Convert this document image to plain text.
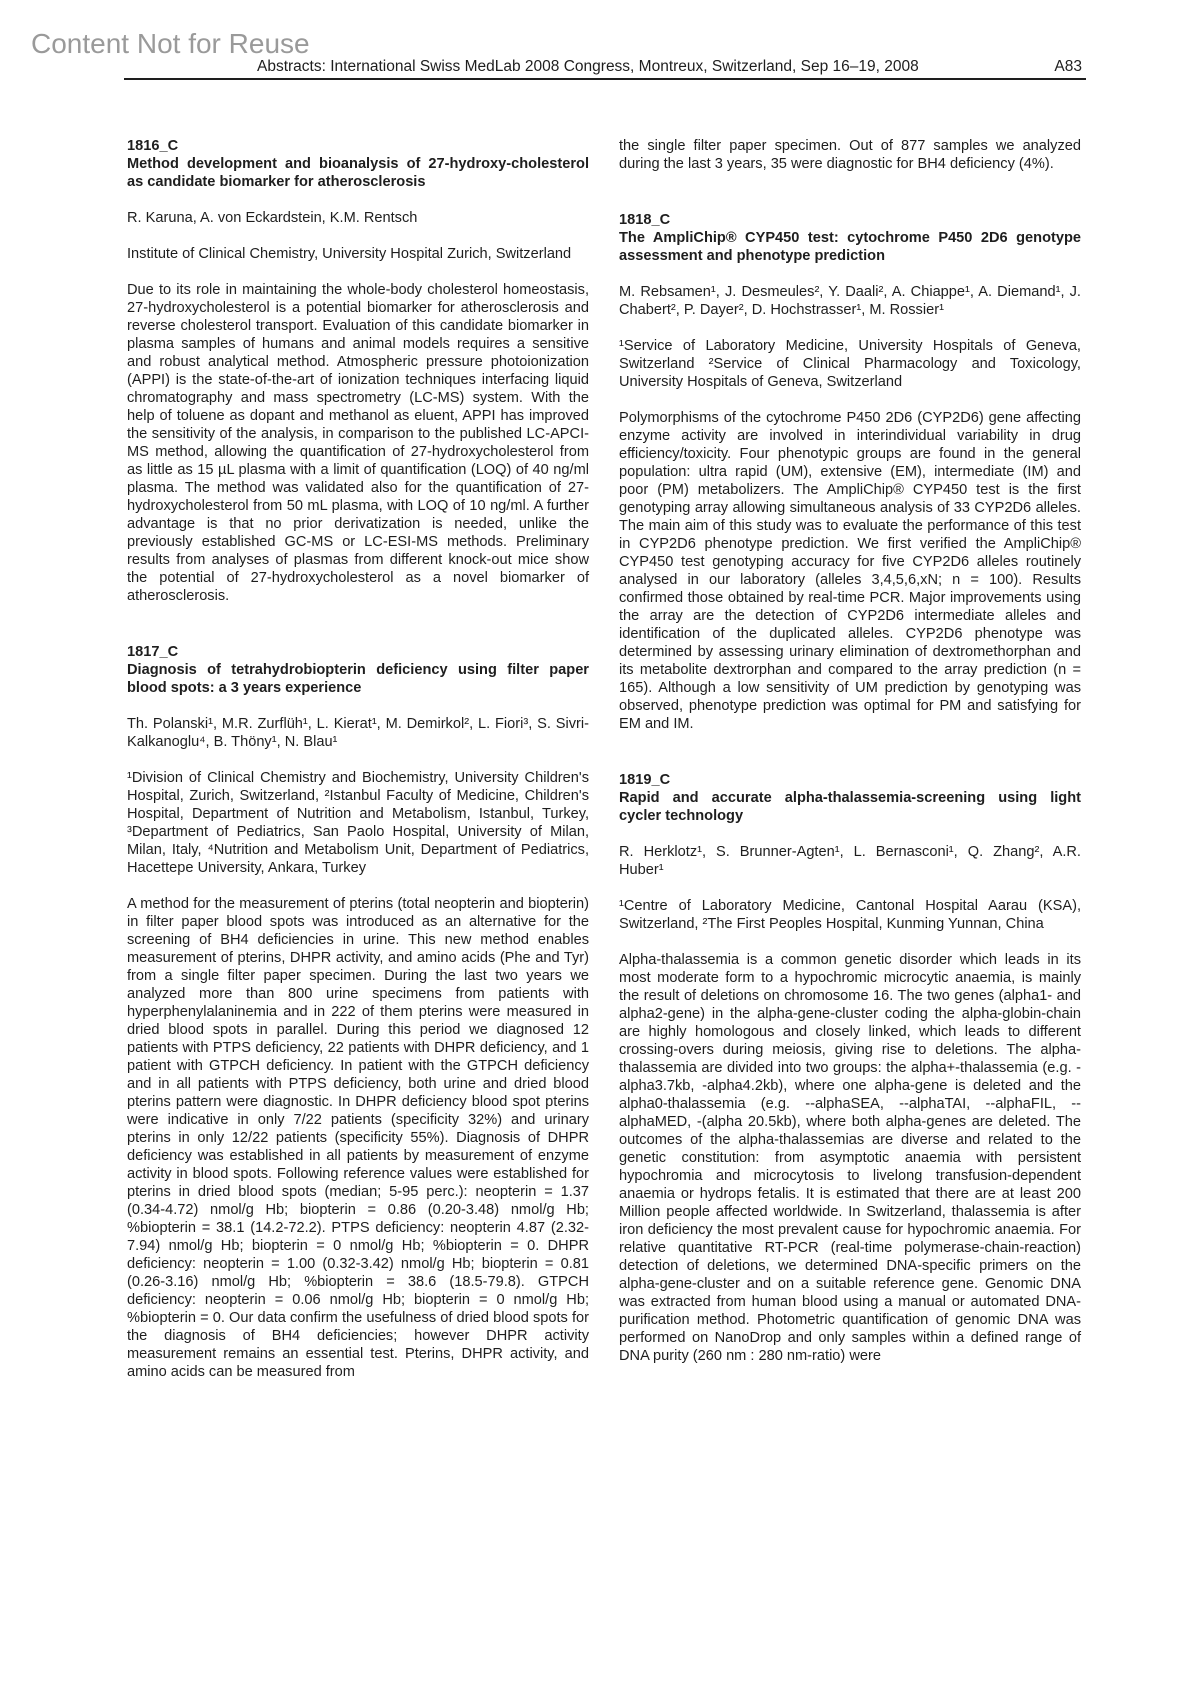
Content Not for Reuse
Abstracts: International Swiss MedLab 2008 Congress, Montreux, Switzerland, Sep 16–19, 2008	A83
1816_C

Method development and bioanalysis of 27-hydroxy-cholesterol as candidate biomarker for atherosclerosis

R. Karuna, A. von Eckardstein, K.M. Rentsch

Institute of Clinical Chemistry, University Hospital Zurich, Switzerland

Due to its role in maintaining the whole-body cholesterol homeostasis, 27-hydroxycholesterol is a potential biomarker for atherosclerosis and reverse cholesterol transport. Evaluation of this candidate biomarker in plasma samples of humans and animal models requires a sensitive and robust analytical method. Atmospheric pressure photoionization (APPI) is the state-of-the-art of ionization techniques interfacing liquid chromatography and mass spectrometry (LC-MS) system. With the help of toluene as dopant and methanol as eluent, APPI has improved the sensitivity of the analysis, in comparison to the published LC-APCI-MS method, allowing the quantification of 27-hydroxycholesterol from as little as 15 µL plasma with a limit of quantification (LOQ) of 40 ng/ml plasma. The method was validated also for the quantification of 27-hydroxycholesterol from 50 mL plasma, with LOQ of 10 ng/ml. A further advantage is that no prior derivatization is needed, unlike the previously established GC-MS or LC-ESI-MS methods. Preliminary results from analyses of plasmas from different knock-out mice show the potential of 27-hydroxycholesterol as a novel biomarker of atherosclerosis.

1817_C

Diagnosis of tetrahydrobiopterin deficiency using filter paper blood spots: a 3 years experience

Th. Polanski¹, M.R. Zurflüh¹, L. Kierat¹, M. Demirkol², L. Fiori³, S. Sivri-Kalkanoglu⁴, B. Thöny¹, N. Blau¹

¹Division of Clinical Chemistry and Biochemistry, University Children's Hospital, Zurich, Switzerland, ²Istanbul Faculty of Medicine, Children's Hospital, Department of Nutrition and Metabolism, Istanbul, Turkey, ³Department of Pediatrics, San Paolo Hospital, University of Milan, Milan, Italy, ⁴Nutrition and Metabolism Unit, Department of Pediatrics, Hacettepe University, Ankara, Turkey

A method for the measurement of pterins (total neopterin and biopterin) in filter paper blood spots was introduced as an alternative for the screening of BH4 deficiencies in urine. This new method enables measurement of pterins, DHPR activity, and amino acids (Phe and Tyr) from a single filter paper specimen. During the last two years we analyzed more than 800 urine specimens from patients with hyperphenylalaninemia and in 222 of them pterins were measured in dried blood spots in parallel. During this period we diagnosed 12 patients with PTPS deficiency, 22 patients with DHPR deficiency, and 1 patient with GTPCH deficiency. In patient with the GTPCH deficiency and in all patients with PTPS deficiency, both urine and dried blood pterins pattern were diagnostic. In DHPR deficiency blood spot pterins were indicative in only 7/22 patients (specificity 32%) and urinary pterins in only 12/22 patients (specificity 55%). Diagnosis of DHPR deficiency was established in all patients by measurement of enzyme activity in blood spots. Following reference values were established for pterins in dried blood spots (median; 5-95 perc.): neopterin = 1.37 (0.34-4.72) nmol/g Hb; biopterin = 0.86 (0.20-3.48) nmol/g Hb; %biopterin = 38.1 (14.2-72.2). PTPS deficiency: neopterin 4.87 (2.32-7.94) nmol/g Hb; biopterin = 0 nmol/g Hb; %biopterin = 0. DHPR deficiency: neopterin = 1.00 (0.32-3.42) nmol/g Hb; biopterin = 0.81 (0.26-3.16) nmol/g Hb; %biopterin = 38.6 (18.5-79.8). GTPCH deficiency: neopterin = 0.06 nmol/g Hb; biopterin = 0 nmol/g Hb; %biopterin = 0. Our data confirm the usefulness of dried blood spots for the diagnosis of BH4 deficiencies; however DHPR activity measurement remains an essential test. Pterins, DHPR activity, and amino acids can be measured from

the single filter paper specimen. Out of 877 samples we analyzed during the last 3 years, 35 were diagnostic for BH4 deficiency (4%).

1818_C

The AmpliChip® CYP450 test: cytochrome P450 2D6 genotype assessment and phenotype prediction

M. Rebsamen¹, J. Desmeules², Y. Daali², A. Chiappe¹, A. Diemand¹, J. Chabert², P. Dayer², D. Hochstrasser¹, M. Rossier¹

¹Service of Laboratory Medicine, University Hospitals of Geneva, Switzerland ²Service of Clinical Pharmacology and Toxicology, University Hospitals of Geneva, Switzerland

Polymorphisms of the cytochrome P450 2D6 (CYP2D6) gene affecting enzyme activity are involved in interindividual variability in drug efficiency/toxicity. Four phenotypic groups are found in the general population: ultra rapid (UM), extensive (EM), intermediate (IM) and poor (PM) metabolizers. The AmpliChip® CYP450 test is the first genotyping array allowing simultaneous analysis of 33 CYP2D6 alleles. The main aim of this study was to evaluate the performance of this test in CYP2D6 phenotype prediction. We first verified the AmpliChip® CYP450 test genotyping accuracy for five CYP2D6 alleles routinely analysed in our laboratory (alleles 3,4,5,6,xN; n = 100). Results confirmed those obtained by real-time PCR. Major improvements using the array are the detection of CYP2D6 intermediate alleles and identification of the duplicated alleles. CYP2D6 phenotype was determined by assessing urinary elimination of dextromethorphan and its metabolite dextrorphan and compared to the array prediction (n = 165). Although a low sensitivity of UM prediction by genotyping was observed, phenotype prediction was optimal for PM and satisfying for EM and IM.

1819_C

Rapid and accurate alpha-thalassemia-screening using light cycler technology

R. Herklotz¹, S. Brunner-Agten¹, L. Bernasconi¹, Q. Zhang², A.R. Huber¹

¹Centre of Laboratory Medicine, Cantonal Hospital Aarau (KSA), Switzerland, ²The First Peoples Hospital, Kunming Yunnan, China

Alpha-thalassemia is a common genetic disorder which leads in its most moderate form to a hypochromic microcytic anaemia, is mainly the result of deletions on chromosome 16. The two genes (alpha1- and alpha2-gene) in the alpha-gene-cluster coding the alpha-globin-chain are highly homologous and closely linked, which leads to different crossing-overs during meiosis, giving rise to deletions. The alpha-thalassemia are divided into two groups: the alpha+-thalassemia (e.g. -alpha3.7kb, -alpha4.2kb), where one alpha-gene is deleted and the alpha0-thalassemia (e.g. --alphaSEA, --alphaTAI, --alphaFIL, --alphaMED, -(alpha 20.5kb), where both alpha-genes are deleted. The outcomes of the alpha-thalassemias are diverse and related to the genetic constitution: from asymptotic anaemia with persistent hypochromia and microcytosis to livelong transfusion-dependent anaemia or hydrops fetalis. It is estimated that there are at least 200 Million people affected worldwide. In Switzerland, thalassemia is after iron deficiency the most prevalent cause for hypochromic anaemia. For relative quantitative RT-PCR (real-time polymerase-chain-reaction) detection of deletions, we determined DNA-specific primers on the alpha-gene-cluster and on a suitable reference gene. Genomic DNA was extracted from human blood using a manual or automated DNA-purification method. Photometric quantification of genomic DNA was performed on NanoDrop and only samples within a defined range of DNA purity (260 nm : 280 nm-ratio) were
